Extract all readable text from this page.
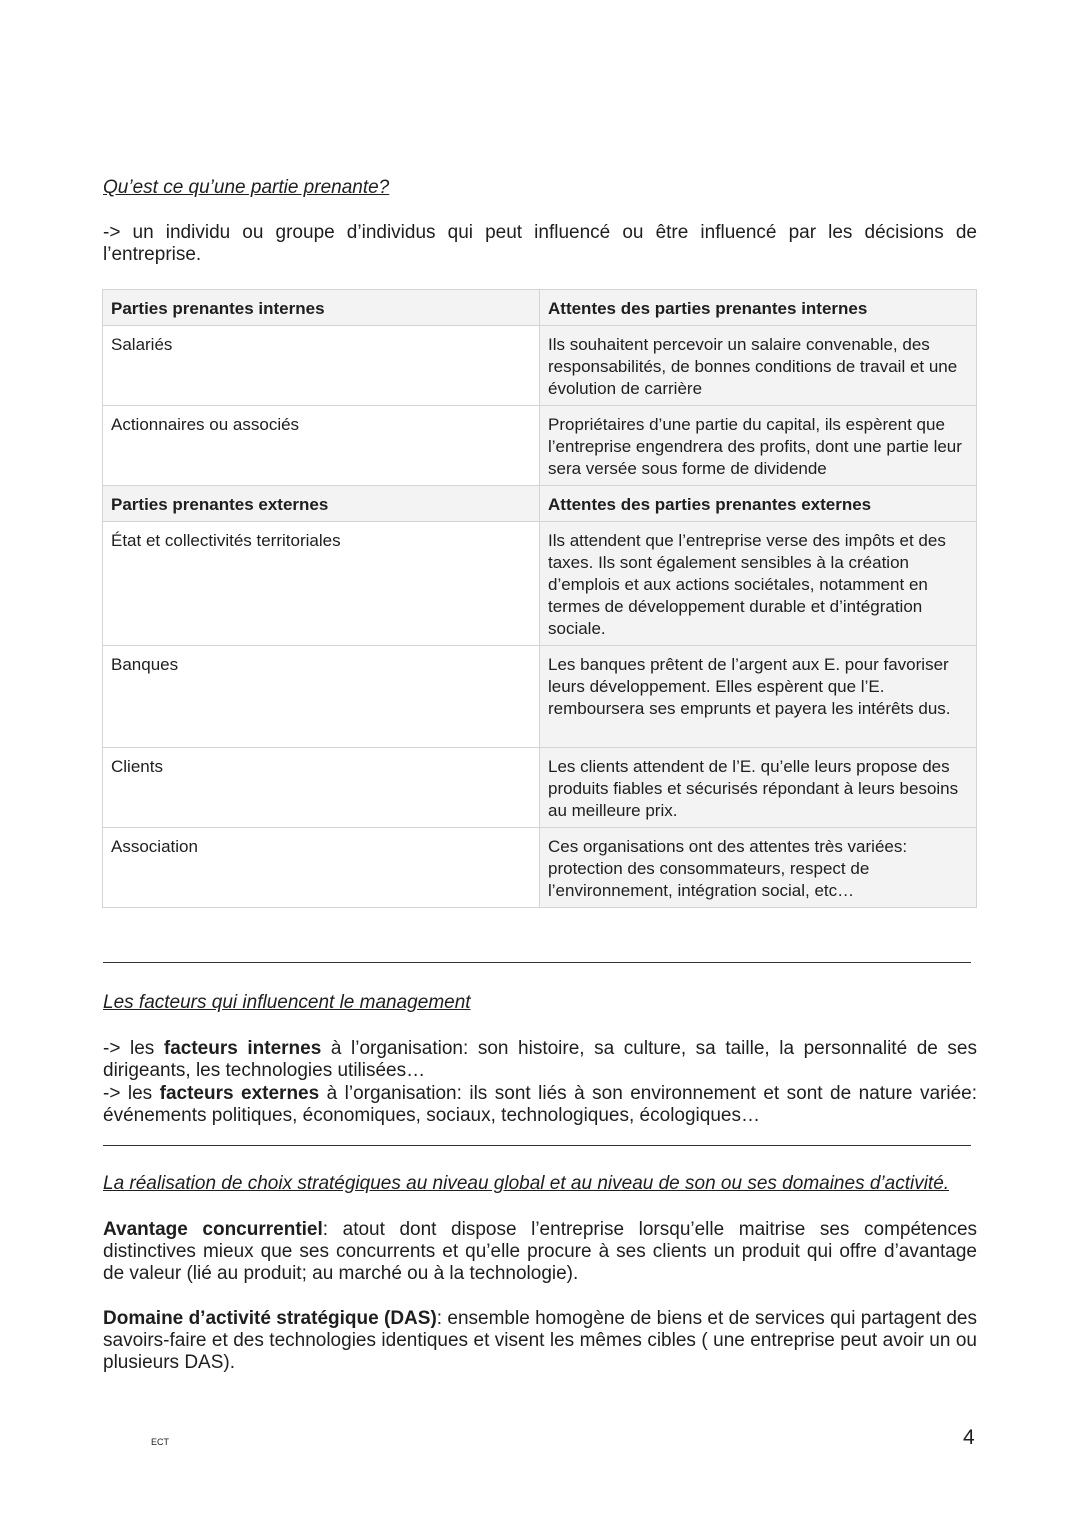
Qu’est ce qu’une partie prenante?

-> un individu ou groupe d’individus qui peut influencé ou être influencé par les décisions de l’entreprise.

Parties prenantes internes	Attentes des parties prenantes internes
Salariés	Ils souhaitent percevoir un salaire convenable, des responsabilités, de bonnes conditions de travail et une évolution de carrière
Actionnaires ou associés	Propriétaires d’une partie du capital, ils espèrent que l’entreprise engendrera des profits, dont une partie leur sera versée sous forme de dividende
Parties prenantes externes	Attentes des parties prenantes externes
État et collectivités territoriales	Ils attendent que l’entreprise verse des impôts et des taxes. Ils sont également sensibles à la création d’emplois et aux actions sociétales, notamment en termes de développement durable et d’intégration sociale.
Banques	Les banques prêtent de l’argent aux E. pour favoriser leurs développement. Elles espèrent que l’E. remboursera ses emprunts et payera les intérêts dus.
Clients	Les clients attendent de l’E. qu’elle leurs propose des produits fiables et sécurisés répondant à leurs besoins au meilleure prix.
Association	Ces organisations ont des attentes très variées: protection des consommateurs, respect de l’environnement, intégration social, etc…

Les facteurs qui influencent le management

-> les facteurs internes à l’organisation: son histoire, sa culture, sa taille, la personnalité de ses dirigeants, les technologies utilisées…

-> les facteurs externes à l’organisation: ils sont liés à son environnement et sont de nature variée: événements politiques, économiques, sociaux, technologiques, écologiques…

La réalisation de choix stratégiques au niveau global et au niveau de son ou ses domaines d’activité.

Avantage concurrentiel: atout dont dispose l’entreprise lorsqu’elle maitrise ses compétences distinctives mieux que ses concurrents et qu’elle procure à ses clients un produit qui offre d’avantage de valeur (lié au produit; au marché ou à la technologie).

Domaine d’activité stratégique (DAS): ensemble homogène de biens et de services qui partagent des savoirs-faire et des technologies identiques et visent les mêmes cibles ( une entreprise peut avoir un ou plusieurs DAS).

ECT	4
